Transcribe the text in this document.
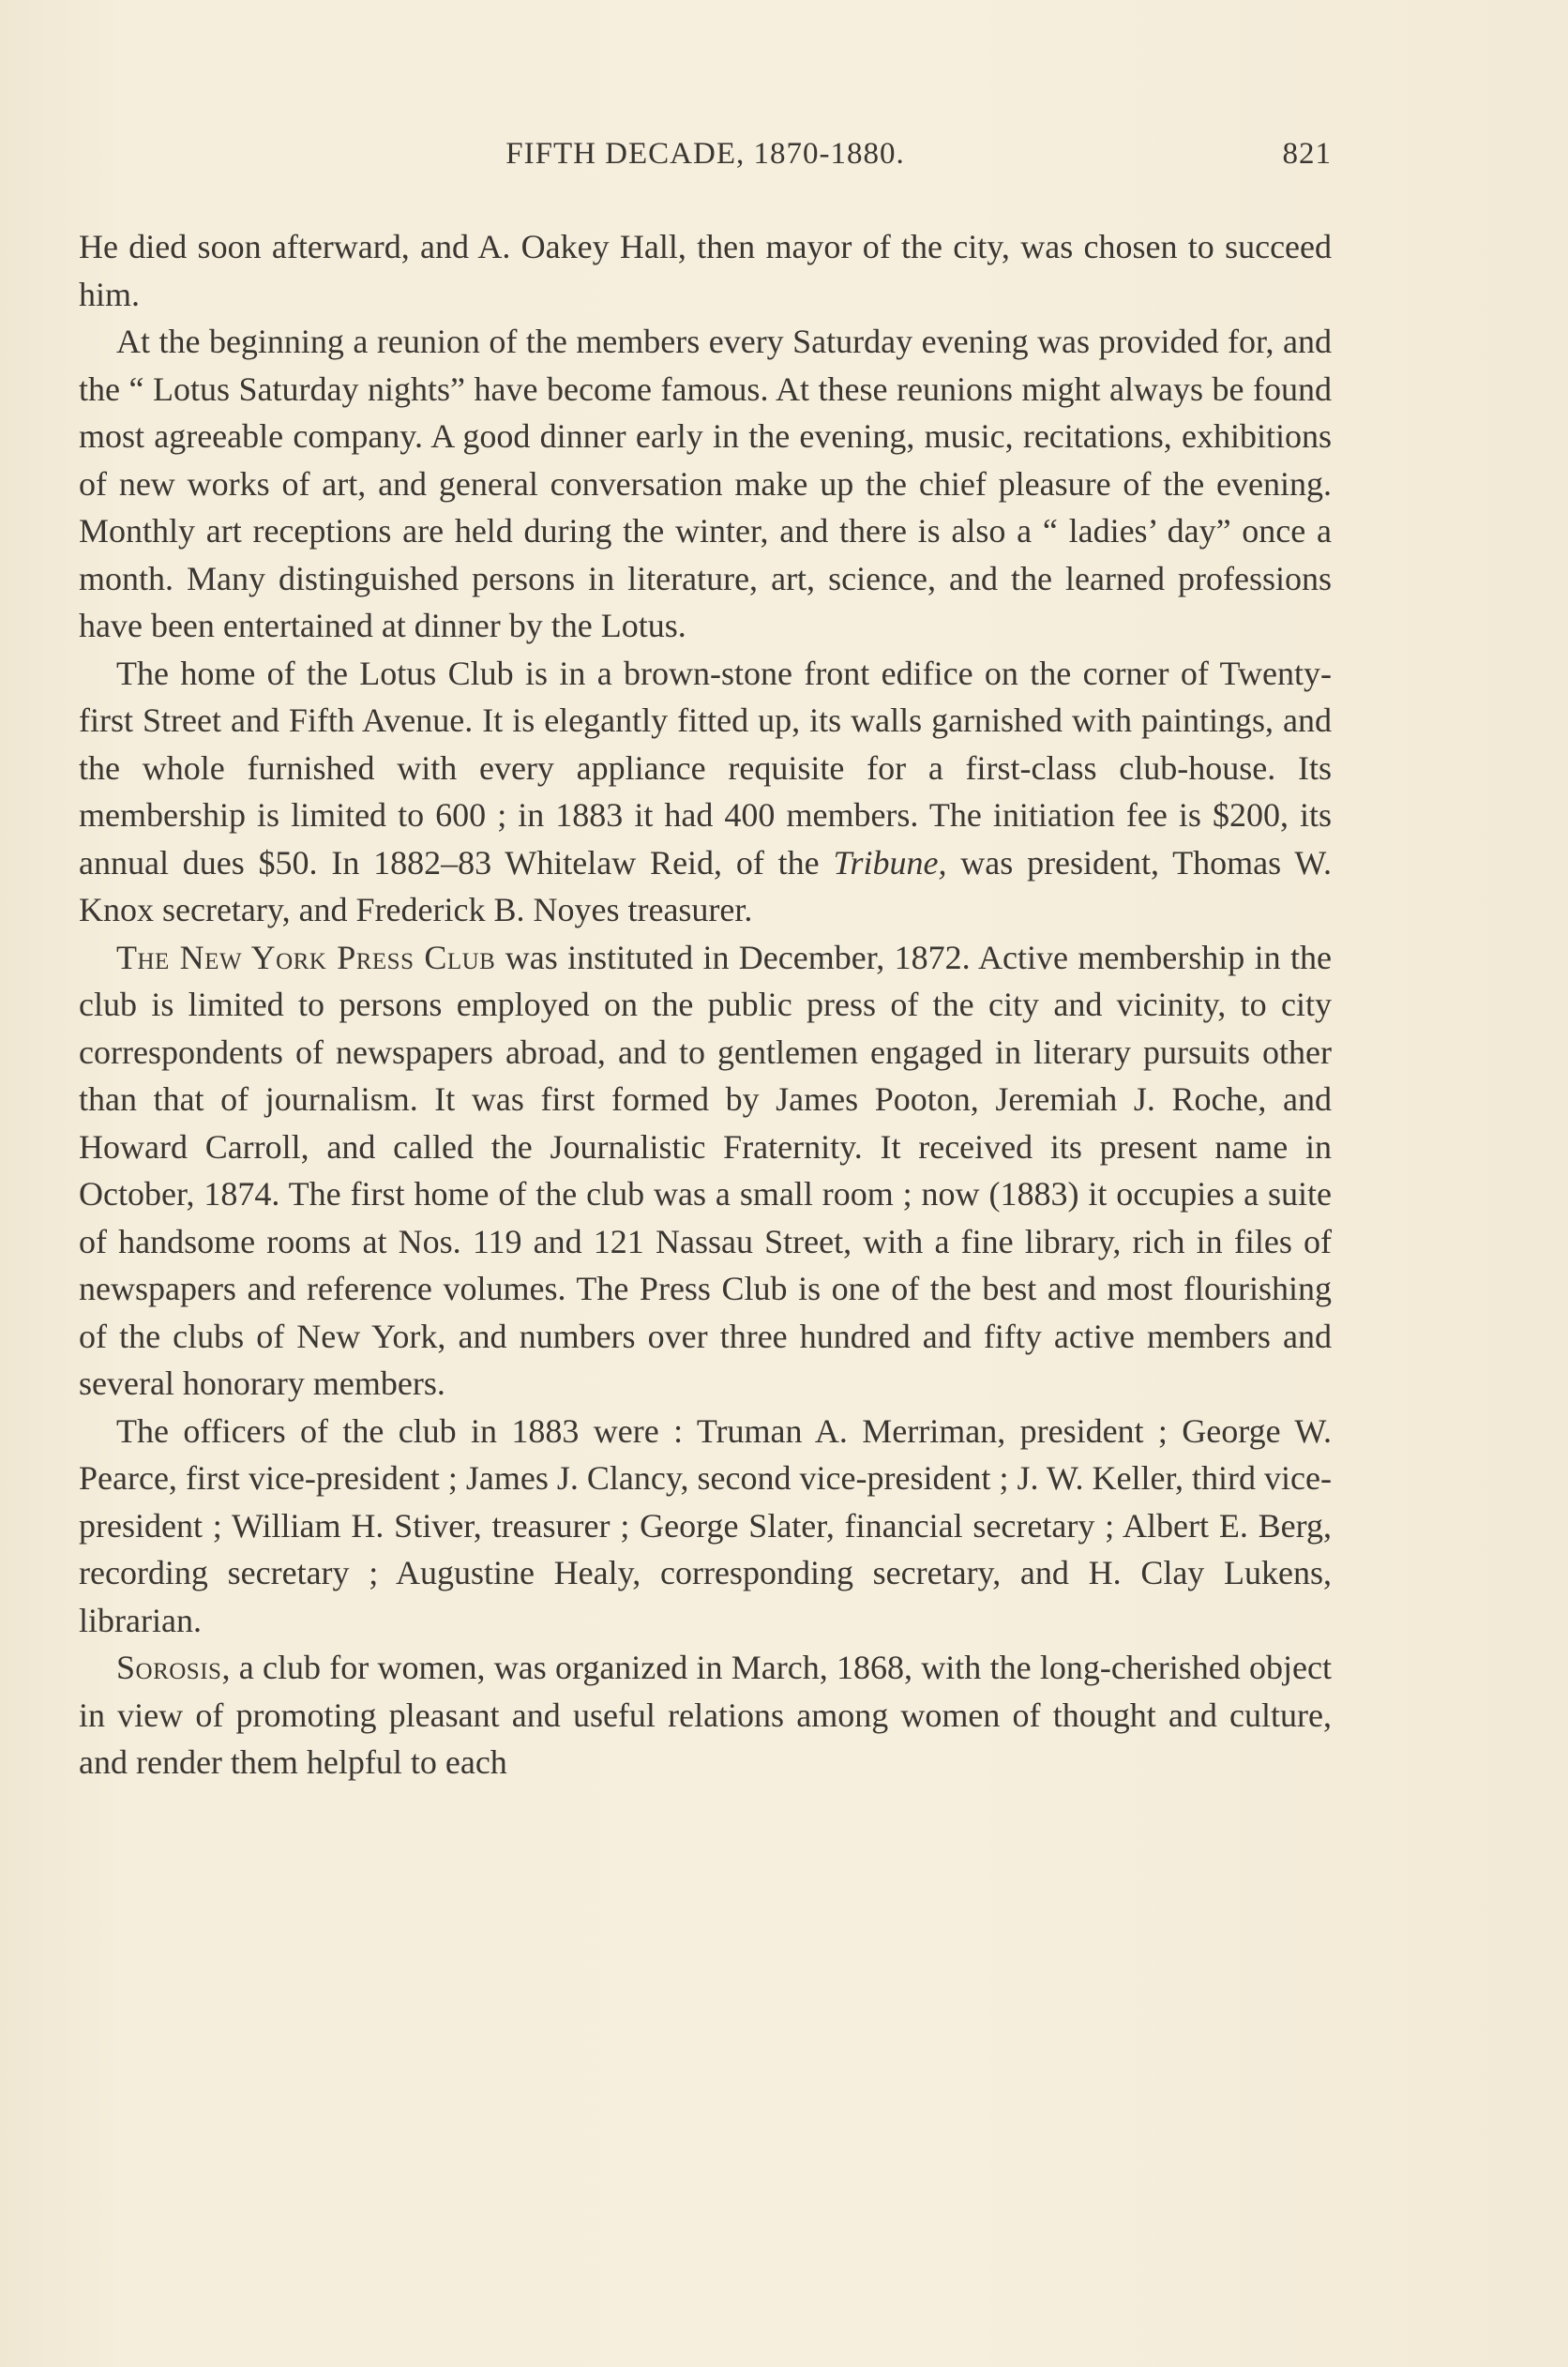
FIFTH DECADE, 1870-1880.	821

He died soon afterward, and A. Oakey Hall, then mayor of the city, was chosen to succeed him.

At the beginning a reunion of the members every Saturday evening was provided for, and the “ Lotus Saturday nights” have become famous. At these reunions might always be found most agreeable company. A good dinner early in the evening, music, recitations, exhibitions of new works of art, and general conversation make up the chief pleasure of the evening. Monthly art receptions are held during the winter, and there is also a “ ladies’ day” once a month. Many distinguished persons in literature, art, science, and the learned professions have been entertained at dinner by the Lotus.

The home of the Lotus Club is in a brown-stone front edifice on the corner of Twenty-first Street and Fifth Avenue. It is elegantly fitted up, its walls garnished with paintings, and the whole furnished with every appliance requisite for a first-class club-house. Its membership is limited to 600 ; in 1883 it had 400 members. The initiation fee is $200, its annual dues $50. In 1882–83 Whitelaw Reid, of the Tribune, was president, Thomas W. Knox secretary, and Frederick B. Noyes treasurer.

The New York Press Club was instituted in December, 1872. Active membership in the club is limited to persons employed on the public press of the city and vicinity, to city correspondents of newspapers abroad, and to gentlemen engaged in literary pursuits other than that of journalism. It was first formed by James Pooton, Jeremiah J. Roche, and Howard Carroll, and called the Journalistic Fraternity. It received its present name in October, 1874. The first home of the club was a small room ; now (1883) it occupies a suite of handsome rooms at Nos. 119 and 121 Nassau Street, with a fine library, rich in files of newspapers and reference volumes. The Press Club is one of the best and most flourishing of the clubs of New York, and numbers over three hundred and fifty active members and several honorary members.

The officers of the club in 1883 were : Truman A. Merriman, president ; George W. Pearce, first vice-president ; James J. Clancy, second vice-president ; J. W. Keller, third vice-president ; William H. Stiver, treasurer ; George Slater, financial secretary ; Albert E. Berg, recording secretary ; Augustine Healy, corresponding secretary, and H. Clay Lukens, librarian.

Sorosis, a club for women, was organized in March, 1868, with the long-cherished object in view of promoting pleasant and useful relations among women of thought and culture, and render them helpful to each
